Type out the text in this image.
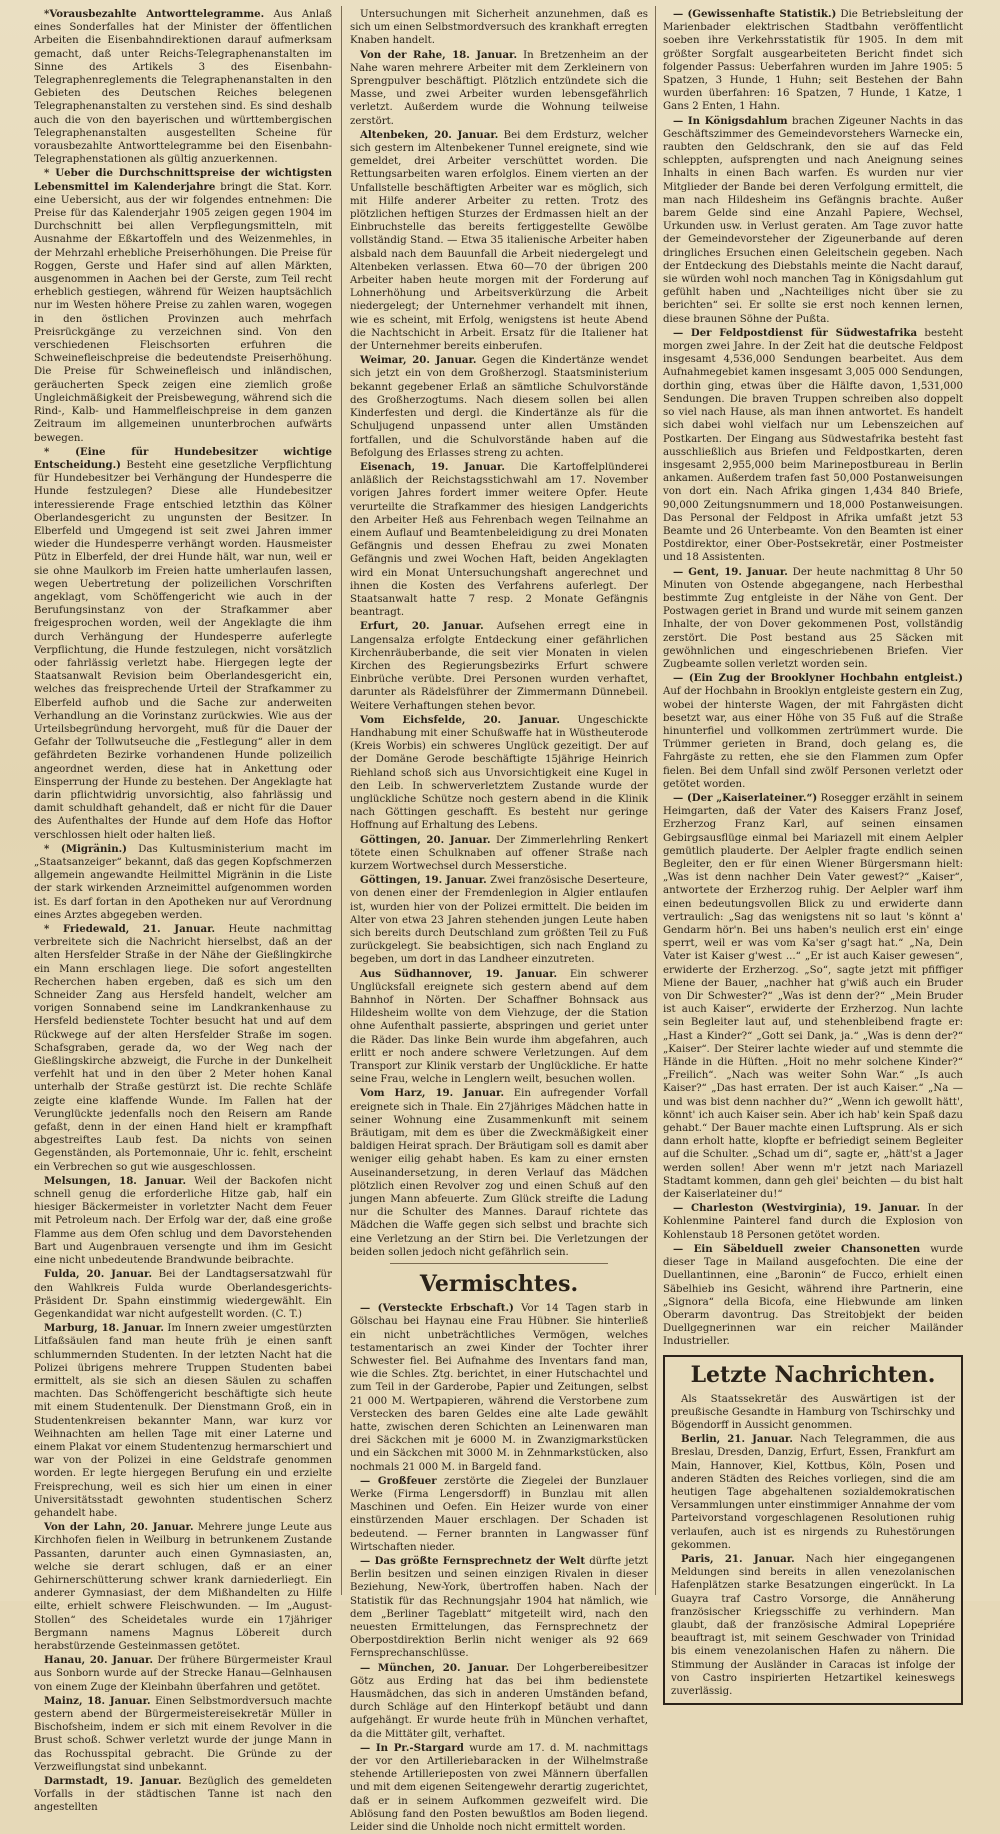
*Vorausbezahlte Antworttelegramme. Aus Anlaß eines Sonderfalles hat der Minister der öffentlichen Arbeiten die Eisenbahndirektionen darauf aufmerksam gemacht, daß unter Reichs-Telegraphenanstalten im Sinne des Artikels 3 des Eisenbahn-Telegraphenreglements die Telegraphenanstalten in den Gebieten des Deutschen Reiches belegenen Telegraphenanstalten zu verstehen sind. Es sind deshalb auch die von den bayerischen und württembergischen Telegraphenanstalten ausgestellten Scheine für vorausbezahlte Antworttelegramme bei den Eisenbahn-Telegraphenstationen als gültig anzuerkennen.

* Ueber die Durchschnittspreise der wichtigsten Lebensmittel im Kalenderjahre bringt die Stat. Korr. eine Uebersicht, aus der wir folgendes entnehmen: Die Preise für das Kalenderjahr 1905 zeigen gegen 1904 im Durchschnitt bei allen Verpflegungsmitteln, mit Ausnahme der Eßkartoffeln und des Weizenmehles, in der Mehrzahl erhebliche Preiserhöhungen. Die Preise für Roggen, Gerste und Hafer sind auf allen Märkten, ausgenommen in Aachen bei der Gerste, zum Teil recht erheblich gestiegen, während für Weizen hauptsächlich nur im Westen höhere Preise zu zahlen waren, wogegen in den östlichen Provinzen auch mehrfach Preisrückgänge zu verzeichnen sind. Von den verschiedenen Fleischsorten erfuhren die Schweinefleischpreise die bedeutendste Preiserhöhung. Die Preise für Schweinefleisch und inländischen, geräucherten Speck zeigen eine ziemlich große Ungleichmäßigkeit der Preisbewegung, während sich die Rind-, Kalb- und Hammelfleischpreise in dem ganzen Zeitraum im allgemeinen ununterbrochen aufwärts bewegen.

* (Eine für Hundebesitzer wichtige Entscheidung.) Besteht eine gesetzliche Verpflichtung für Hundebesitzer bei Verhängung der Hundesperre die Hunde festzulegen? Diese alle Hundebesitzer interessierende Frage entschied letzthin das Kölner Oberlandesgericht zu ungunsten der Besitzer. In Elberfeld und Umgegend ist seit zwei Jahren immer wieder die Hundesperre verhängt worden. Hausmeister Pütz in Elberfeld, der drei Hunde hält, war nun, weil er sie ohne Maulkorb im Freien hatte umherlaufen lassen, wegen Uebertretung der polizeilichen Vorschriften angeklagt, vom Schöffengericht wie auch in der Berufungsinstanz von der Strafkammer aber freigesprochen worden, weil der Angeklagte die ihm durch Verhängung der Hundesperre auferlegte Verpflichtung, die Hunde festzulegen, nicht vorsätzlich oder fahrlässig verletzt habe. Hiergegen legte der Staatsanwalt Revision beim Oberlandesgericht ein, welches das freisprechende Urteil der Strafkammer zu Elberfeld aufhob und die Sache zur anderweiten Verhandlung an die Vorinstanz zurückwies. Wie aus der Urteilsbegründung hervorgeht, muß für die Dauer der Gefahr der Tollwutseuche die „Festlegung“ aller in dem gefährdeten Bezirke vorhandenen Hunde polizeilich angeordnet werden, diese hat in Ankettung oder Einsperrung der Hunde zu bestehen. Der Angeklagte hat darin pflichtwidrig unvorsichtig, also fahrlässig und damit schuldhaft gehandelt, daß er nicht für die Dauer des Aufenthaltes der Hunde auf dem Hofe das Hoftor verschlossen hielt oder halten ließ.

* (Migränin.) Das Kultusministerium macht im „Staatsanzeiger“ bekannt, daß das gegen Kopfschmerzen allgemein angewandte Heilmittel Migränin in die Liste der stark wirkenden Arzneimittel aufgenommen worden ist. Es darf fortan in den Apotheken nur auf Verordnung eines Arztes abgegeben werden.

* Friedewald, 21. Januar. Heute nachmittag verbreitete sich die Nachricht hierselbst, daß an der alten Hersfelder Straße in der Nähe der Gießlingkirche ein Mann erschlagen liege. Die sofort angestellten Recherchen haben ergeben, daß es sich um den Schneider Zang aus Hersfeld handelt, welcher am vorigen Sonnabend seine im Landkrankenhause zu Hersfeld bedienstete Tochter besucht hat und auf dem Rückwege auf der alten Hersfelder Straße im sogen. Schafsgraben, gerade da, wo der Weg nach der Gießlingskirche abzweigt, die Furche in der Dunkelheit verfehlt hat und in den über 2 Meter hohen Kanal unterhalb der Straße gestürzt ist. Die rechte Schläfe zeigte eine klaffende Wunde. Im Fallen hat der Verunglückte jedenfalls noch den Reisern am Rande gefaßt, denn in der einen Hand hielt er krampfhaft abgestreiftes Laub fest. Da nichts von seinen Gegenständen, als Portemonnaie, Uhr ic. fehlt, erscheint ein Verbrechen so gut wie ausgeschlossen.

Melsungen, 18. Januar. Weil der Backofen nicht schnell genug die erforderliche Hitze gab, half ein hiesiger Bäckermeister in vorletzter Nacht dem Feuer mit Petroleum nach. Der Erfolg war der, daß eine große Flamme aus dem Ofen schlug und dem Davorstehenden Bart und Augenbrauen versengte und ihm im Gesicht eine nicht unbedeutende Brandwunde beibrachte.

Fulda, 20. Januar. Bei der Landtagsersatzwahl für den Wahlkreis Fulda wurde Oberlandesgerichts-Präsident Dr. Spahn einstimmig wiedergewählt. Ein Gegenkandidat war nicht aufgestellt worden. (C. T.)

Marburg, 18. Januar. Im Innern zweier umgestürzten Litfaßsäulen fand man heute früh je einen sanft schlummernden Studenten. In der letzten Nacht hat die Polizei übrigens mehrere Truppen Studenten babei ermittelt, als sie sich an diesen Säulen zu schaffen machten. Das Schöffengericht beschäftigte sich heute mit einem Studentenulk. Der Dienstmann Groß, ein in Studentenkreisen bekannter Mann, war kurz vor Weihnachten am hellen Tage mit einer Laterne und einem Plakat vor einem Studentenzug hermarschiert und war von der Polizei in eine Geldstrafe genommen worden. Er legte hiergegen Berufung ein und erzielte Freisprechung, weil es sich hier um einen in einer Universitätsstadt gewohnten studentischen Scherz gehandelt habe.

Von der Lahn, 20. Januar. Mehrere junge Leute aus Kirchhofen fielen in Weilburg in betrunkenem Zustande Passanten, darunter auch einen Gymnasiasten, an, welche sie derart schlugen, daß er an einer Gehirnerschütterung schwer krank darniederliegt. Ein anderer Gymnasiast, der dem Mißhandelten zu Hilfe eilte, erhielt schwere Fleischwunden. — Im „August-Stollen“ des Scheidetales wurde ein 17jähriger Bergmann namens Magnus Löbereit durch herabstürzende Gesteinmassen getötet.

Hanau, 20. Januar. Der frühere Bürgermeister Kraul aus Sonborn wurde auf der Strecke Hanau—Gelnhausen von einem Zuge der Kleinbahn überfahren und getötet.

Mainz, 18. Januar. Einen Selbstmordversuch machte gestern abend der Bürgermeistereisekretär Müller in Bischofsheim, indem er sich mit einem Revolver in die Brust schoß. Schwer verletzt wurde der junge Mann in das Rochusspital gebracht. Die Gründe zu der Verzweiflungstat sind unbekannt.

Darmstadt, 19. Januar. Bezüglich des gemeldeten Vorfalls in der städtischen Tanne ist nach den angestellten

Untersuchungen mit Sicherheit anzunehmen, daß es sich um einen Selbstmordversuch des krankhaft erregten Knaben handelt.

Von der Rahe, 18. Januar. In Bretzenheim an der Nahe waren mehrere Arbeiter mit dem Zerkleinern von Sprengpulver beschäftigt. Plötzlich entzündete sich die Masse, und zwei Arbeiter wurden lebensgefährlich verletzt. Außerdem wurde die Wohnung teilweise zerstört.

Altenbeken, 20. Januar. Bei dem Erdsturz, welcher sich gestern im Altenbekener Tunnel ereignete, sind wie gemeldet, drei Arbeiter verschüttet worden. Die Rettungsarbeiten waren erfolglos. Einem vierten an der Unfallstelle beschäftigten Arbeiter war es möglich, sich mit Hilfe anderer Arbeiter zu retten. Trotz des plötzlichen heftigen Sturzes der Erdmassen hielt an der Einbruchstelle das bereits fertiggestellte Gewölbe vollständig Stand. — Etwa 35 italienische Arbeiter haben alsbald nach dem Bauunfall die Arbeit niedergelegt und Altenbeken verlassen. Etwa 60—70 der übrigen 200 Arbeiter haben heute morgen mit der Forderung auf Lohnerhöhung und Arbeitsverkürzung die Arbeit niedergelegt; der Unternehmer verhandelt mit ihnen, wie es scheint, mit Erfolg, wenigstens ist heute Abend die Nachtschicht in Arbeit. Ersatz für die Italiener hat der Unternehmer bereits einberufen.

Weimar, 20. Januar. Gegen die Kindertänze wendet sich jetzt ein von dem Großherzogl. Staatsministerium bekannt gegebener Erlaß an sämtliche Schulvorstände des Großherzogtums. Nach diesem sollen bei allen Kinderfesten und dergl. die Kindertänze als für die Schuljugend unpassend unter allen Umständen fortfallen, und die Schulvorstände haben auf die Befolgung des Erlasses streng zu achten.

Eisenach, 19. Januar. Die Kartoffelplünderei anläßlich der Reichstagsstichwahl am 17. November vorigen Jahres fordert immer weitere Opfer. Heute verurteilte die Strafkammer des hiesigen Landgerichts den Arbeiter Heß aus Fehrenbach wegen Teilnahme an einem Auflauf und Beamtenbeleidigung zu drei Monaten Gefängnis und dessen Ehefrau zu zwei Monaten Gefängnis und zwei Wochen Haft, beiden Angeklagten wird ein Monat Untersuchungshaft angerechnet und ihnen die Kosten des Verfahrens auferlegt. Der Staatsanwalt hatte 7 resp. 2 Monate Gefängnis beantragt.

Erfurt, 20. Januar. Aufsehen erregt eine in Langensalza erfolgte Entdeckung einer gefährlichen Kirchenräuberbande, die seit vier Monaten in vielen Kirchen des Regierungsbezirks Erfurt schwere Einbrüche verübte. Drei Personen wurden verhaftet, darunter als Rädelsführer der Zimmermann Dünnebeil. Weitere Verhaftungen stehen bevor.

Vom Eichsfelde, 20. Januar. Ungeschickte Handhabung mit einer Schußwaffe hat in Wüstheuterode (Kreis Worbis) ein schweres Unglück gezeitigt. Der auf der Domäne Gerode beschäftigte 15jährige Heinrich Riehland schoß sich aus Unvorsichtigkeit eine Kugel in den Leib. In schwerverletztem Zustande wurde der unglückliche Schütze noch gestern abend in die Klinik nach Göttingen geschafft. Es besteht nur geringe Hoffnung auf Erhaltung des Lebens.

Göttingen, 20. Januar. Der Zimmerlehrling Renkert tötete einen Schulknaben auf offener Straße nach kurzem Wortwechsel durch Messerstiche.

Göttingen, 19. Januar. Zwei französische Deserteure, von denen einer der Fremdenlegion in Algier entlaufen ist, wurden hier von der Polizei ermittelt. Die beiden im Alter von etwa 23 Jahren stehenden jungen Leute haben sich bereits durch Deutschland zum größten Teil zu Fuß zurückgelegt. Sie beabsichtigen, sich nach England zu begeben, um dort in das Landheer einzutreten.

Aus Südhannover, 19. Januar. Ein schwerer Unglücksfall ereignete sich gestern abend auf dem Bahnhof in Nörten. Der Schaffner Bohnsack aus Hildesheim wollte von dem Viehzuge, der die Station ohne Aufenthalt passierte, abspringen und geriet unter die Räder. Das linke Bein wurde ihm abgefahren, auch erlitt er noch andere schwere Verletzungen. Auf dem Transport zur Klinik verstarb der Unglückliche. Er hatte seine Frau, welche in Lenglern weilt, besuchen wollen.

Vom Harz, 19. Januar. Ein aufregender Vorfall ereignete sich in Thale. Ein 27jähriges Mädchen hatte in seiner Wohnung eine Zusammenkunft mit seinem Bräutigam, mit dem es über die Zweckmäßigkeit einer baldigen Heirat sprach. Der Bräutigam soll es damit aber weniger eilig gehabt haben. Es kam zu einer ernsten Auseinandersetzung, in deren Verlauf das Mädchen plötzlich einen Revolver zog und einen Schuß auf den jungen Mann abfeuerte. Zum Glück streifte die Ladung nur die Schulter des Mannes. Darauf richtete das Mädchen die Waffe gegen sich selbst und brachte sich eine Verletzung an der Stirn bei. Die Verletzungen der beiden sollen jedoch nicht gefährlich sein.

Vermischtes.

— (Versteckte Erbschaft.) Vor 14 Tagen starb in Gölschau bei Haynau eine Frau Hübner. Sie hinterließ ein nicht unbeträchtliches Vermögen, welches testamentarisch an zwei Kinder der Tochter ihrer Schwester fiel. Bei Aufnahme des Inventars fand man, wie die Schles. Ztg. berichtet, in einer Hutschachtel und zum Teil in der Garderobe, Papier und Zeitungen, selbst 21 000 M. Wertpapieren, während die Verstorbene zum Verstecken des baren Geldes eine alte Lade gewählt hatte, zwischen deren Schichten an Leinenwaren man drei Säckchen mit je 6000 M. in Zwanzigmarkstücken und ein Säckchen mit 3000 M. in Zehnmarkstücken, also nochmals 21 000 M. in Bargeld fand.

— Großfeuer zerstörte die Ziegelei der Bunzlauer Werke (Firma Lengersdorff) in Bunzlau mit allen Maschinen und Oefen. Ein Heizer wurde von einer einstürzenden Mauer erschlagen. Der Schaden ist bedeutend. — Ferner brannten in Langwasser fünf Wirtschaften nieder.

— Das größte Fernsprechnetz der Welt dürfte jetzt Berlin besitzen und seinen einzigen Rivalen in dieser Beziehung, New-York, übertroffen haben. Nach der Statistik für das Rechnungsjahr 1904 hat nämlich, wie dem „Berliner Tageblatt“ mitgeteilt wird, nach den neuesten Ermittelungen, das Fernsprechnetz der Oberpostdirektion Berlin nicht weniger als 92 669 Fernsprechanschlüsse.

— München, 20. Januar. Der Lohgerbereibesitzer Götz aus Erding hat das bei ihm bedienstete Hausmädchen, das sich in anderen Umständen befand, durch Schläge auf den Hinterkopf betäubt und dann aufgehängt. Er wurde heute früh in München verhaftet, da die Mittäter gilt, verhaftet.

— In Pr.-Stargard wurde am 17. d. M. nachmittags der vor den Artilleriebaracken in der Wilhelmstraße stehende Artillerieposten von zwei Männern überfallen und mit dem eigenen Seitengewehr derartig zugerichtet, daß er in seinem Aufkommen gezweifelt wird. Die Ablösung fand den Posten bewußtlos am Boden liegend. Leider sind die Unholde noch nicht ermittelt worden.

— (Gewissenhafte Statistik.) Die Betriebsleitung der Marienbader elektrischen Stadtbahn veröffentlicht soeben ihre Verkehrsstatistik für 1905. In dem mit größter Sorgfalt ausgearbeiteten Bericht findet sich folgender Passus: Ueberfahren wurden im Jahre 1905: 5 Spatzen, 3 Hunde, 1 Huhn; seit Bestehen der Bahn wurden überfahren: 16 Spatzen, 7 Hunde, 1 Katze, 1 Gans 2 Enten, 1 Hahn.

— In Königsdahlum brachen Zigeuner Nachts in das Geschäftszimmer des Gemeindevorstehers Warnecke ein, raubten den Geldschrank, den sie auf das Feld schleppten, aufsprengten und nach Aneignung seines Inhalts in einen Bach warfen. Es wurden nur vier Mitglieder der Bande bei deren Verfolgung ermittelt, die man nach Hildesheim ins Gefängnis brachte. Außer barem Gelde sind eine Anzahl Papiere, Wechsel, Urkunden usw. in Verlust geraten. Am Tage zuvor hatte der Gemeindevorsteher der Zigeunerbande auf deren dringliches Ersuchen einen Geleitschein gegeben. Nach der Entdeckung des Diebstahls meinte die Nacht darauf, sie würden wohl noch manchen Tag in Königsdahlum gut gefühlt haben und „Nachteiliges nicht über sie zu berichten“ sei. Er sollte sie erst noch kennen lernen, diese braunen Söhne der Pußta.

— Der Feldpostdienst für Südwestafrika besteht morgen zwei Jahre. In der Zeit hat die deutsche Feldpost insgesamt 4,536,000 Sendungen bearbeitet. Aus dem Aufnahmegebiet kamen insgesamt 3,005 000 Sendungen, dorthin ging, etwas über die Hälfte davon, 1,531,000 Sendungen. Die braven Truppen schreiben also doppelt so viel nach Hause, als man ihnen antwortet. Es handelt sich dabei wohl vielfach nur um Lebenszeichen auf Postkarten. Der Eingang aus Südwestafrika besteht fast ausschließlich aus Briefen und Feldpostkarten, deren insgesamt 2,955,000 beim Marinepostbureau in Berlin ankamen. Außerdem trafen fast 50,000 Postanweisungen von dort ein. Nach Afrika gingen 1,434 840 Briefe, 90,000 Zeitungsnummern und 18,000 Postanweisungen. Das Personal der Feldpost in Afrika umfaßt jetzt 53 Beamte und 26 Unterbeamte. Von den Beamten ist einer Postdirektor, einer Ober-Postsekretär, einer Postmeister und 18 Assistenten.

— Gent, 19. Januar. Der heute nachmittag 8 Uhr 50 Minuten von Ostende abgegangene, nach Herbesthal bestimmte Zug entgleiste in der Nähe von Gent. Der Postwagen geriet in Brand und wurde mit seinem ganzen Inhalte, der von Dover gekommenen Post, vollständig zerstört. Die Post bestand aus 25 Säcken mit gewöhnlichen und eingeschriebenen Briefen. Vier Zugbeamte sollen verletzt worden sein.

— (Ein Zug der Brooklyner Hochbahn entgleist.) Auf der Hochbahn in Brooklyn entgleiste gestern ein Zug, wobei der hinterste Wagen, der mit Fahrgästen dicht besetzt war, aus einer Höhe von 35 Fuß auf die Straße hinunterfiel und vollkommen zertrümmert wurde. Die Trümmer gerieten in Brand, doch gelang es, die Fahrgäste zu retten, ehe sie den Flammen zum Opfer fielen. Bei dem Unfall sind zwölf Personen verletzt oder getötet worden.

— (Der „Kaiserlateiner.“) Rosegger erzählt in seinem Heimgarten, daß der Vater des Kaisers Franz Josef, Erzherzog Franz Karl, auf seinen einsamen Gebirgsausflüge einmal bei Mariazell mit einem Aelpler gemütlich plauderte. Der Aelpler fragte endlich seinen Begleiter, den er für einen Wiener Bürgersmann hielt: „Was ist denn nachher Dein Vater gewest?“ „Kaiser“, antwortete der Erzherzog ruhig. Der Aelpler warf ihm einen bedeutungsvollen Blick zu und erwiderte dann vertraulich: „Sag das wenigstens nit so laut 's könnt a' Gendarm hör'n. Bei uns haben's neulich erst ein' einge sperrt, weil er was vom Ka'ser g'sagt hat.“ „Na, Dein Vater ist Kaiser g'west ...“ „Er ist auch Kaiser gewesen“, erwiderte der Erzherzog. „So“, sagte jetzt mit pfiffiger Miene der Bauer, „nachher hat g'wiß auch ein Bruder von Dir Schwester?“ „Was ist denn der?“ „Mein Bruder ist auch Kaiser“, erwiderte der Erzherzog. Nun lachte sein Begleiter laut auf, und stehenbleibend fragte er: „Hast a Kinder?“ „Gott sei Dank, ja.“ „Was is denn der?“ „Kaiser“. Der Steirer lachte wieder auf und stemmte die Hände in die Hüften. „Hoit no mehr solchene Kinder?“ „Freilich“. „Nach was weiter Sohn War.“ „Is auch Kaiser?“ „Das hast erraten. Der ist auch Kaiser.“ „Na — und was bist denn nachher du?“ „Wenn ich gewollt hätt', könnt' ich auch Kaiser sein. Aber ich hab' kein Spaß dazu gehabt.“ Der Bauer machte einen Luftsprung. Als er sich dann erholt hatte, klopfte er befriedigt seinem Begleiter auf die Schulter. „Schad um di“, sagte er, „hätt'st a Jager werden sollen! Aber wenn m'r jetzt nach Mariazell Stadtamt kommen, dann geh glei' beichten — du bist halt der Kaiserlateiner du!“

— Charleston (Westvirginia), 19. Januar. In der Kohlenmine Painterel fand durch die Explosion von Kohlenstaub 18 Personen getötet worden.

— Ein Säbelduell zweier Chansonetten wurde dieser Tage in Mailand ausgefochten. Die eine der Duellantinnen, eine „Baronin“ de Fucco, erhielt einen Säbelhieb ins Gesicht, während ihre Partnerin, eine „Signora“ della Bicofa, eine Hiebwunde am linken Oberarm davontrug. Das Streitobjekt der beiden Duellgegnerinnen war ein reicher Mailänder Industrieller.

Letzte Nachrichten.

Als Staatssekretär des Auswärtigen ist der preußische Gesandte in Hamburg von Tschirschky und Bögendorff in Aussicht genommen.

Berlin, 21. Januar. Nach Telegrammen, die aus Breslau, Dresden, Danzig, Erfurt, Essen, Frankfurt am Main, Hannover, Kiel, Kottbus, Köln, Posen und anderen Städten des Reiches vorliegen, sind die am heutigen Tage abgehaltenen sozialdemokratischen Versammlungen unter einstimmiger Annahme der vom Parteivorstand vorgeschlagenen Resolutionen ruhig verlaufen, auch ist es nirgends zu Ruhestörungen gekommen.

Paris, 21. Januar. Nach hier eingegangenen Meldungen sind bereits in allen venezolanischen Hafenplätzen starke Besatzungen eingerückt. In La Guayra traf Castro Vorsorge, die Annäherung französischer Kriegsschiffe zu verhindern. Man glaubt, daß der französische Admiral Lopepriére beauftragt ist, mit seinem Geschwader von Trinidad bis einem venezolanischen Hafen zu nähern. Die Stimmung der Ausländer in Caracas ist infolge der von Castro inspirierten Hetzartikel keineswegs zuverlässig.
